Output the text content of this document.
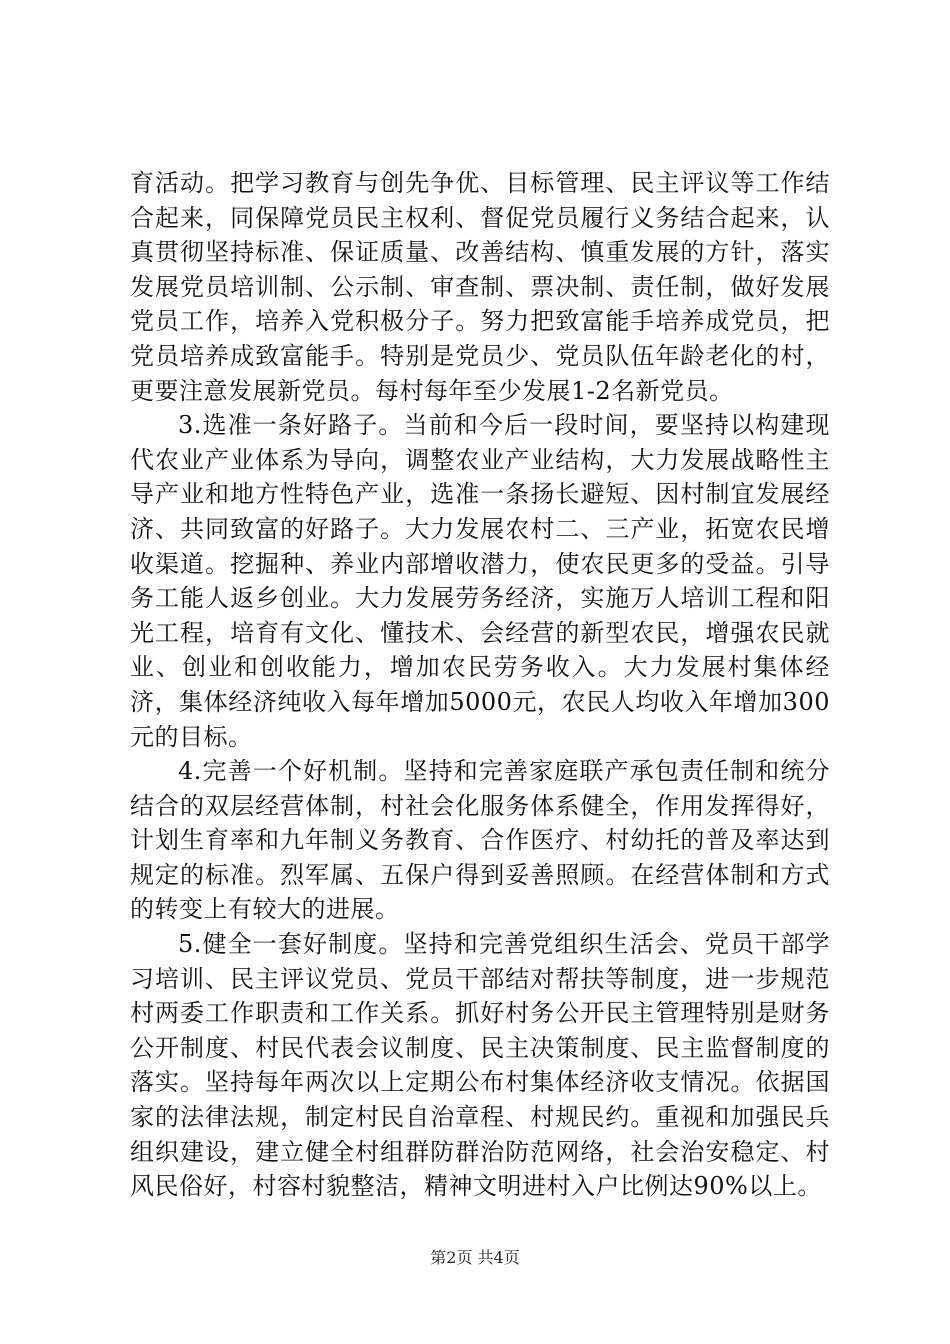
育活动。把学习教育与创先争优、目标管理、民主评议等工作结合起来，同保障党员民主权利、督促党员履行义务结合起来，认真贯彻坚持标准、保证质量、改善结构、慎重发展的方针，落实发展党员培训制、公示制、审查制、票决制、责任制，做好发展党员工作，培养入党积极分子。努力把致富能手培养成党员，把党员培养成致富能手。特别是党员少、党员队伍年龄老化的村，更要注意发展新党员。每村每年至少发展1-2名新党员。

3.选准一条好路子。当前和今后一段时间，要坚持以构建现代农业产业体系为导向，调整农业产业结构，大力发展战略性主导产业和地方性特色产业，选准一条扬长避短、因村制宜发展经济、共同致富的好路子。大力发展农村二、三产业，拓宽农民增收渠道。挖掘种、养业内部增收潜力，使农民更多的受益。引导务工能人返乡创业。大力发展劳务经济，实施万人培训工程和阳光工程，培育有文化、懂技术、会经营的新型农民，增强农民就业、创业和创收能力，增加农民劳务收入。大力发展村集体经济，集体经济纯收入每年增加5000元，农民人均收入年增加300元的目标。

4.完善一个好机制。坚持和完善家庭联产承包责任制和统分结合的双层经营体制，村社会化服务体系健全，作用发挥得好，计划生育率和九年制义务教育、合作医疗、村幼托的普及率达到规定的标准。烈军属、五保户得到妥善照顾。在经营体制和方式的转变上有较大的进展。

5.健全一套好制度。坚持和完善党组织生活会、党员干部学习培训、民主评议党员、党员干部结对帮扶等制度，进一步规范村两委工作职责和工作关系。抓好村务公开民主管理特别是财务公开制度、村民代表会议制度、民主决策制度、民主监督制度的落实。坚持每年两次以上定期公布村集体经济收支情况。依据国家的法律法规，制定村民自治章程、村规民约。重视和加强民兵组织建设，建立健全村组群防群治防范网络，社会治安稳定、村风民俗好，村容村貌整洁，精神文明进村入户比例达90%以上。

第2页 共4页
